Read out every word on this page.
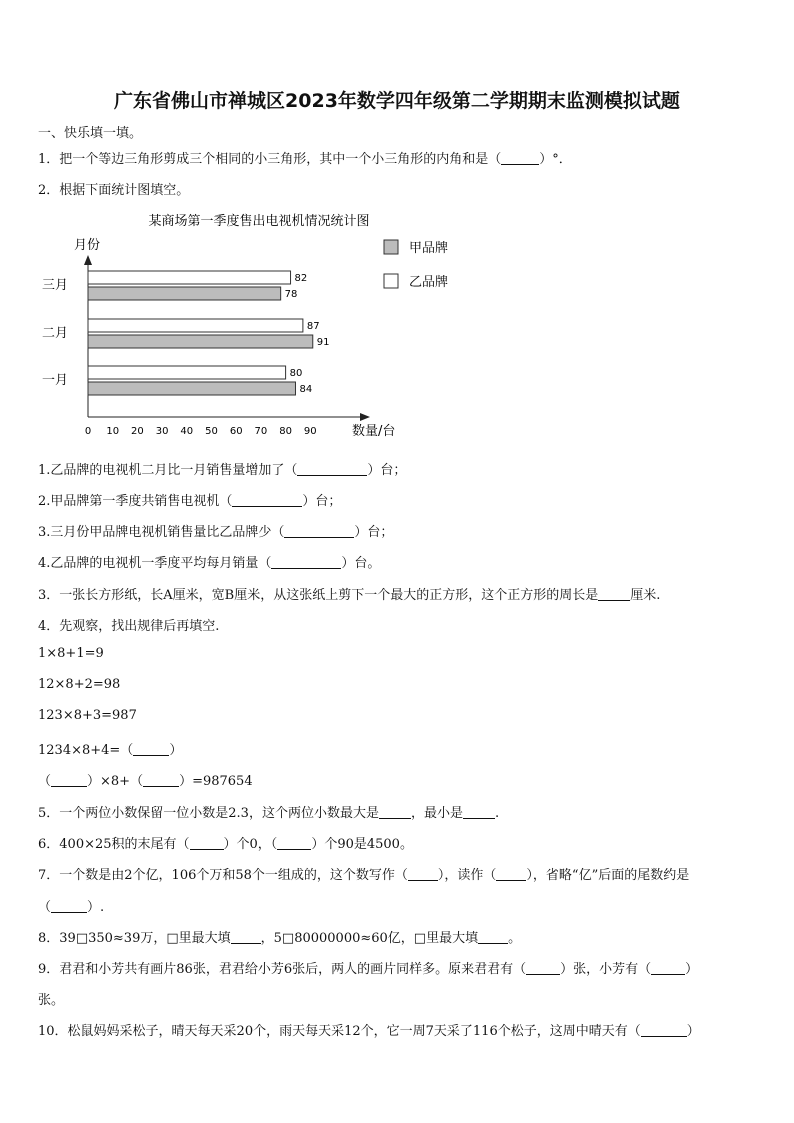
广东省佛山市禅城区2023年数学四年级第二学期期末监测模拟试题
一、快乐填一填。
1．把一个等边三角形剪成三个相同的小三角形，其中一个小三角形的内角和是（	）°．
2．根据下面统计图填空。
某商场第一季度售出电视机情况统计图
月份
数量/台
一月
二月
三月
80
84
87
91
82
78
0 10 20 30 40 50 60 70 80 90
甲品牌
乙品牌
1.乙品牌的电视机二月比一月销售量增加了（	）台；
2.甲品牌第一季度共销售电视机（	）台；
3.三月份甲品牌电视机销售量比乙品牌少（	）台；
4.乙品牌的电视机一季度平均每月销量（	）台。
3．一张长方形纸，长A厘米，宽B厘米，从这张纸上剪下一个最大的正方形，这个正方形的周长是 厘米.
4．先观察，找出规律后再填空.
1×8+1=9
12×8+2=98
123×8+3=987
1234×8+4=（	）
（	）×8+（	）=987654
5．一个两位小数保留一位小数是2.3，这个两位小数最大是 ，最小是 .
6．400×25积的末尾有（	）个0，（	）个90是4500。
7．一个数是由2个亿，106个万和58个一组成的，这个数写作（ ），读作（ ），省略“亿”后面的尾数约是
（	）.
8．39□350≈39万，□里最大填 ，5□80000000≈60亿，□里最大填 。
9．君君和小芳共有画片86张，君君给小芳6张后，两人的画片同样多。原来君君有（	）张，小芳有（	）
张。
10．松鼠妈妈采松子，晴天每天采20个，雨天每天采12个，它一周7天采了116个松子，这周中晴天有（	）
